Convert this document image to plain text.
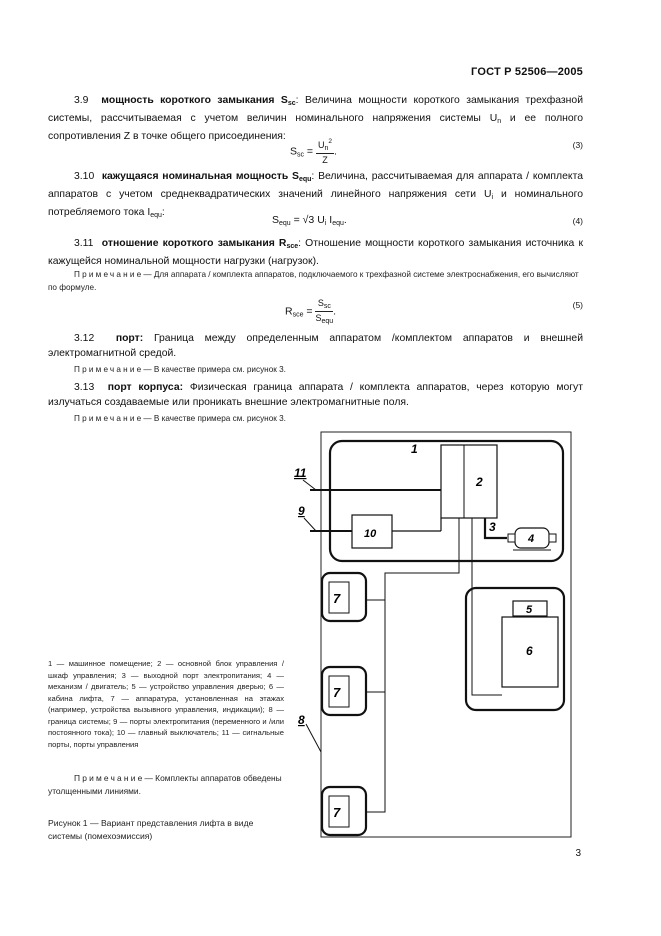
ГОСТ Р 52506—2005
3.9 мощность короткого замыкания $S_{sc}$: Величина мощности короткого замыкания трехфазной системы, рассчитываемая с учетом величин номинального напряжения системы $U_n$ и ее полного сопротивления Z в точке общего присоединения:
$S_{sc} = \frac{U_n^2}{Z}$ .
(3)
3.10 кажущаяся номинальная мощность $S_{equ}$: Величина, рассчитываемая для аппарата / комплекта аппаратов с учетом среднеквадратических значений линейного напряжения сети $U_i$ и номинального потребляемого тока $I_{equ}$:
$S_{equ} = √3$ $U_i$ $I_{equ}$.	(4)
3.11 отношение короткого замыкания $R_{sce}$: Отношение мощности короткого замыкания источника к кажущейся номинальной мощности нагрузки (нагрузок).
Примечание— Для аппарата / комплекта аппаратов, подключаемого к трехфазной системе электроснабжения, его вычисляют по формуле.
$R_{sce} = \frac{S_{sc}}{S_{equ}}$ .
(5)
3.12 порт: Граница между определенным аппаратом /комплектом аппаратов и внешней электромагнитной средой.
Примечание— В качестве примера см. рисунок 3.
3.13 порт корпуса: Физическая граница аппарата / комплекта аппаратов, через которую могут излучаться создаваемые или проникать внешние электромагнитные поля.
Примечание— В качестве примера см. рисунок 3.
1
2
3
4
5
6
7
7
7
8
9
10
11
1 — машинное помещение; 2 — основной блок управления / шкаф управления; 3 — выходной порт электропитания; 4 — механизм / двигатель; 5 — устройство управления дверью; 6 — кабина лифта, 7 — аппаратура, установленная на этажах (например, устройства вызывного управления, индикации); 8 — граница системы; 9 — порты электропитания (переменного и /или постоянного тока); 10 — главный выключатель; 11 — сигнальные порты, порты управления
Примечание— Комплекты аппаратов обведены утолщенными линиями.
Рисунок 1 — Вариант представления лифта в виде системы (помехоэмиссия)
3
